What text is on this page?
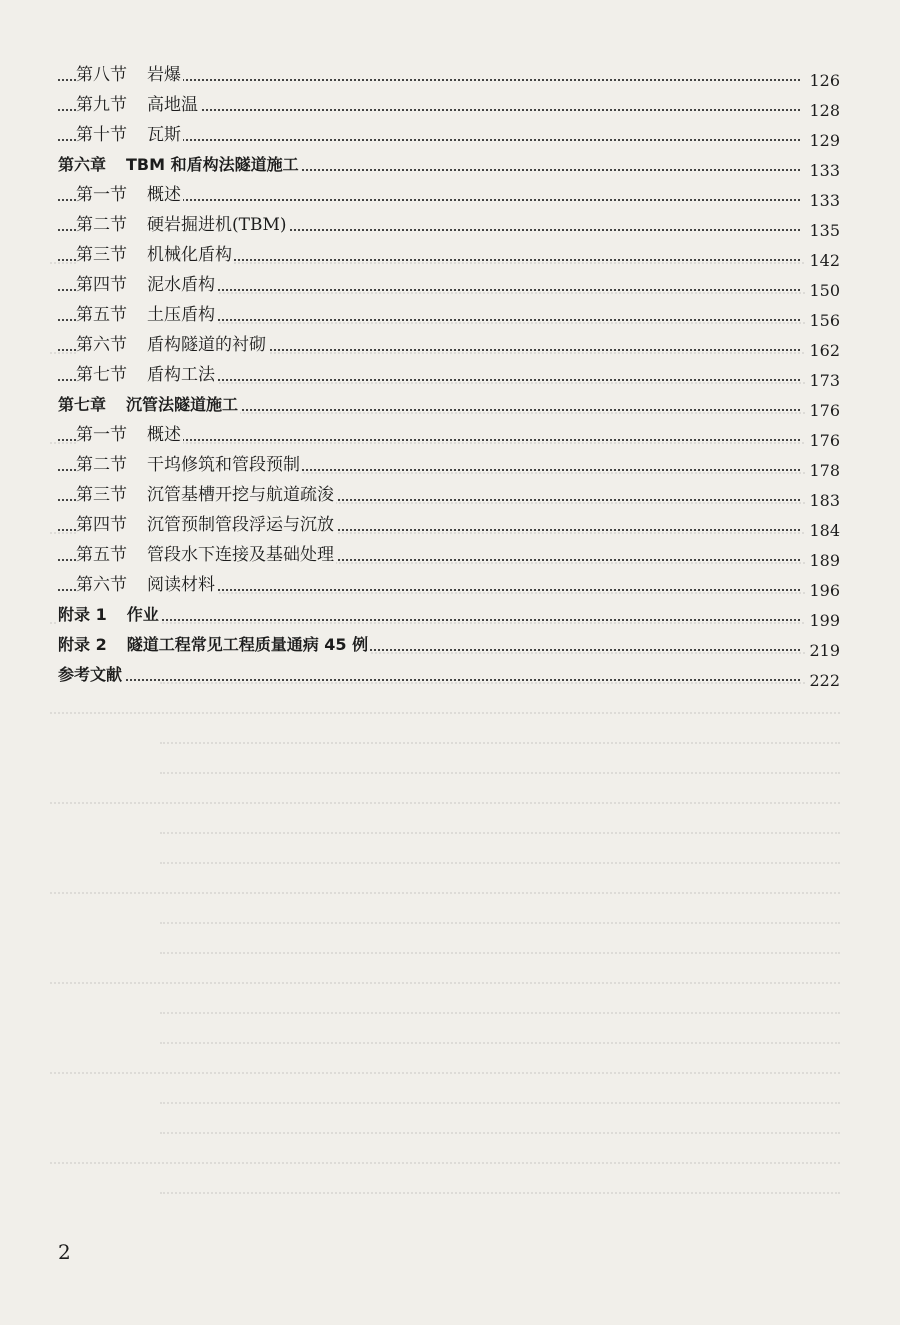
第八节 岩爆	126
第九节 高地温	128
第十节 瓦斯	129
第六章 TBM 和盾构法隧道施工	133
第一节 概述	133
第二节 硬岩掘进机(TBM)	135
第三节 机械化盾构	142
第四节 泥水盾构	150
第五节 土压盾构	156
第六节 盾构隧道的衬砌	162
第七节 盾构工法	173
第七章 沉管法隧道施工	176
第一节 概述	176
第二节 干坞修筑和管段预制	178
第三节 沉管基槽开挖与航道疏浚	183
第四节 沉管预制管段浮运与沉放	184
第五节 管段水下连接及基础处理	189
第六节 阅读材料	196
附录 1 作业	199
附录 2 隧道工程常见工程质量通病 45 例	219
参考文献	222
2
